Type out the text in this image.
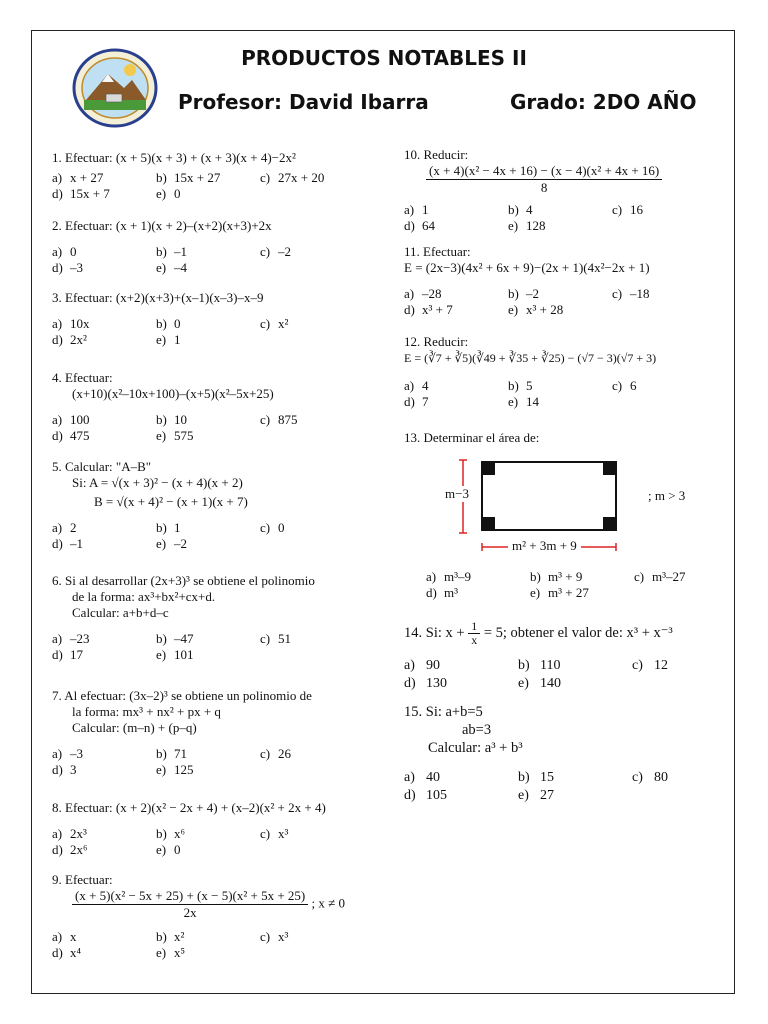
PRODUCTOS NOTABLES II
Profesor: David Ibarra	Grado: 2DO AÑO
1. Efectuar: (x + 5)(x + 3) + (x + 3)(x + 4)−2x²
a) x + 27	b) 15x + 27	c) 27x + 20
d) 15x + 7	e) 0
2. Efectuar: (x + 1)(x + 2)–(x+2)(x+3)+2x
a) 0	b) –1	c) –2
d) –3	e) –4
3. Efectuar: (x+2)(x+3)+(x–1)(x–3)–x–9
a) 10x	b) 0	c) x²
d) 2x²	e) 1
4. Efectuar:
(x+10)(x²–10x+100)–(x+5)(x²–5x+25)
a) 100	b) 10	c) 875
d) 475	e) 575
5. Calcular: "A–B"
Si: A = √(x + 3)² − (x + 4)(x + 2)
B = √(x + 4)² − (x + 1)(x + 7)
a) 2	b) 1	c) 0
d) –1	e) –2
6. Si al desarrollar (2x+3)³ se obtiene el polinomio
de la forma: ax³+bx²+cx+d.
Calcular: a+b+d–c
a) –23	b) –47	c) 51
d) 17	e) 101
7. Al efectuar: (3x–2)³ se obtiene un polinomio de
la forma: mx³ + nx² + px + q
Calcular: (m–n) + (p–q)
a) –3	b) 71	c) 26
d) 3	e) 125
8. Efectuar: (x + 2)(x² − 2x + 4) + (x–2)(x² + 2x + 4)
a) 2x³	b) x⁶	c) x³
d) 2x⁶	e) 0
9. Efectuar:
$\frac{\text{(x + 5)(x² − 5x + 25) + (x − 5)(x² + 5x + 25)}}{2x}$ ; x ≠ 0
a) x	b) x²	c) x³
d) x⁴	e) x⁵
10. Reducir:
$\frac{\text{(x + 4)(x² − 4x + 16) − (x − 4)(x² + 4x + 16)}}{8}$
a) 1	b) 4	c) 16
d) 64	e) 128
11. Efectuar:
E = (2x−3)(4x² + 6x + 9)−(2x + 1)(4x²−2x + 1)
a) –28	b) –2	c) –18
d) x³ + 7	e) x³ + 28
12. Reducir:
E = (∛7 + ∛5)(∛49 + ∛35 + ∛25) − (√7 − 3)(√7 + 3)
a) 4	b) 5	c) 6
d) 7	e) 14
13. Determinar el área de:
m−3
m² + 3m + 9
; m > 3
a) m³–9	b) m³ + 9	c) m³–27
d) m³	e) m³ + 27
14. Si: $x + \frac{1}{x} = 5$; obtener el valor de: x³ + x⁻³
a) 90	b) 110	c) 12
d) 130	e) 140
15. Si: a+b=5
ab=3
Calcular: a³ + b³
a) 40	b) 15	c) 80
d) 105	e) 27
